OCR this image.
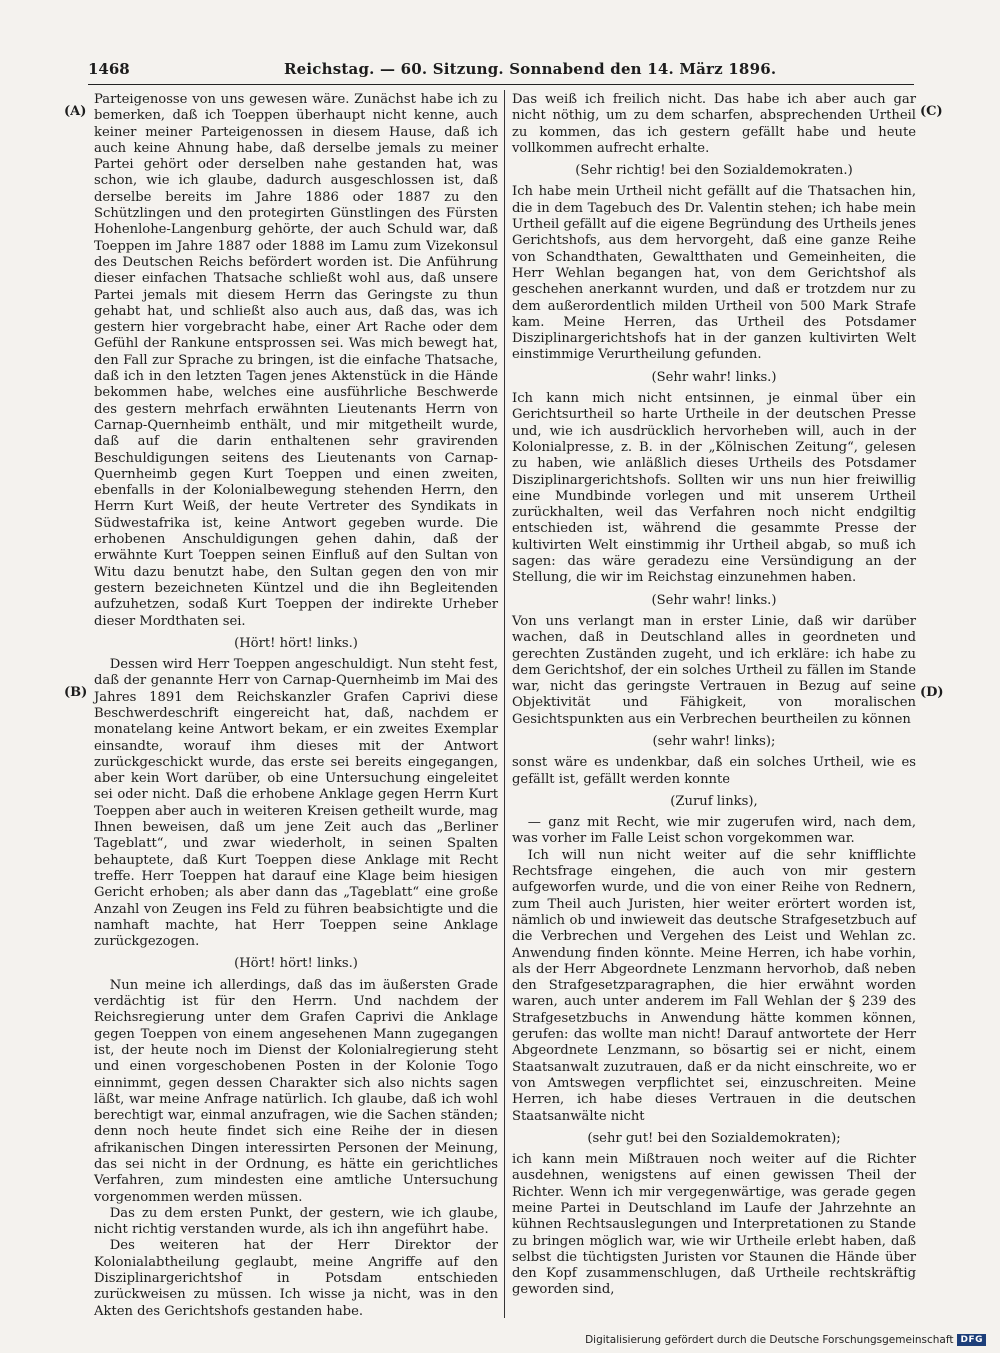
1468	Reichstag. — 60. Sitzung. Sonnabend den 14. März 1896.
(A)
(B)
(C)
(D)

Parteigenosse von uns gewesen wäre. Zunächst habe ich zu bemerken, daß ich Toeppen überhaupt nicht kenne, auch keiner meiner Parteigenossen in diesem Hause, daß ich auch keine Ahnung habe, daß derselbe jemals zu meiner Partei gehört oder derselben nahe gestanden hat, was schon, wie ich glaube, dadurch ausgeschlossen ist, daß derselbe bereits im Jahre 1886 oder 1887 zu den Schützlingen und den protegirten Günstlingen des Fürsten Hohenlohe-Langenburg gehörte, der auch Schuld war, daß Toeppen im Jahre 1887 oder 1888 im Lamu zum Vizekonsul des Deutschen Reichs befördert worden ist. Die Anführung dieser einfachen Thatsache schließt wohl aus, daß unsere Partei jemals mit diesem Herrn das Geringste zu thun gehabt hat, und schließt also auch aus, daß das, was ich gestern hier vorgebracht habe, einer Art Rache oder dem Gefühl der Rankune entsprossen sei. Was mich bewegt hat, den Fall zur Sprache zu bringen, ist die einfache Thatsache, daß ich in den letzten Tagen jenes Aktenstück in die Hände bekommen habe, welches eine ausführliche Beschwerde des gestern mehrfach erwähnten Lieutenants Herrn von Carnap-Quernheimb enthält, und mir mitgetheilt wurde, daß auf die darin enthaltenen sehr gravirenden Beschuldigungen seitens des Lieutenants von Carnap-Quernheimb gegen Kurt Toeppen und einen zweiten, ebenfalls in der Kolonialbewegung stehenden Herrn, den Herrn Kurt Weiß, der heute Vertreter des Syndikats in Südwestafrika ist, keine Antwort gegeben wurde. Die erhobenen Anschuldigungen gehen dahin, daß der erwähnte Kurt Toeppen seinen Einfluß auf den Sultan von Witu dazu benutzt habe, den Sultan gegen den von mir gestern bezeichneten Küntzel und die ihn Begleitenden aufzuhetzen, sodaß Kurt Toeppen der indirekte Urheber dieser Mordthaten sei.

(Hört! hört! links.)

Dessen wird Herr Toeppen angeschuldigt. Nun steht fest, daß der genannte Herr von Carnap-Quernheimb im Mai des Jahres 1891 dem Reichskanzler Grafen Caprivi diese Beschwerdeschrift eingereicht hat, daß, nachdem er monatelang keine Antwort bekam, er ein zweites Exemplar einsandte, worauf ihm dieses mit der Antwort zurückgeschickt wurde, das erste sei bereits eingegangen, aber kein Wort darüber, ob eine Untersuchung eingeleitet sei oder nicht. Daß die erhobene Anklage gegen Herrn Kurt Toeppen aber auch in weiteren Kreisen getheilt wurde, mag Ihnen beweisen, daß um jene Zeit auch das „Berliner Tageblatt“, und zwar wiederholt, in seinen Spalten behauptete, daß Kurt Toeppen diese Anklage mit Recht treffe. Herr Toeppen hat darauf eine Klage beim hiesigen Gericht erhoben; als aber dann das „Tageblatt“ eine große Anzahl von Zeugen ins Feld zu führen beabsichtigte und die namhaft machte, hat Herr Toeppen seine Anklage zurückgezogen.

(Hört! hört! links.)

Nun meine ich allerdings, daß das im äußersten Grade verdächtig ist für den Herrn. Und nachdem der Reichsregierung unter dem Grafen Caprivi die Anklage gegen Toeppen von einem angesehenen Mann zugegangen ist, der heute noch im Dienst der Kolonialregierung steht und einen vorgeschobenen Posten in der Kolonie Togo einnimmt, gegen dessen Charakter sich also nichts sagen läßt, war meine Anfrage natürlich. Ich glaube, daß ich wohl berechtigt war, einmal anzufragen, wie die Sachen ständen; denn noch heute findet sich eine Reihe der in diesen afrikanischen Dingen interessirten Personen der Meinung, das sei nicht in der Ordnung, es hätte ein gerichtliches Verfahren, zum mindesten eine amtliche Untersuchung vorgenommen werden müssen.

Das zu dem ersten Punkt, der gestern, wie ich glaube, nicht richtig verstanden wurde, als ich ihn angeführt habe.

Des weiteren hat der Herr Direktor der Kolonialabtheilung geglaubt, meine Angriffe auf den Disziplinargerichtshof in Potsdam entschieden zurückweisen zu müssen. Ich wisse ja nicht, was in den Akten des Gerichtshofs gestanden habe.

Das weiß ich freilich nicht. Das habe ich aber auch gar nicht nöthig, um zu dem scharfen, absprechenden Urtheil zu kommen, das ich gestern gefällt habe und heute vollkommen aufrecht erhalte.

(Sehr richtig! bei den Sozialdemokraten.)

Ich habe mein Urtheil nicht gefällt auf die Thatsachen hin, die in dem Tagebuch des Dr. Valentin stehen; ich habe mein Urtheil gefällt auf die eigene Begründung des Urtheils jenes Gerichtshofs, aus dem hervorgeht, daß eine ganze Reihe von Schandthaten, Gewaltthaten und Gemeinheiten, die Herr Wehlan begangen hat, von dem Gerichtshof als geschehen anerkannt wurden, und daß er trotzdem nur zu dem außerordentlich milden Urtheil von 500 Mark Strafe kam. Meine Herren, das Urtheil des Potsdamer Disziplinargerichtshofs hat in der ganzen kultivirten Welt einstimmige Verurtheilung gefunden.

(Sehr wahr! links.)

Ich kann mich nicht entsinnen, je einmal über ein Gerichtsurtheil so harte Urtheile in der deutschen Presse und, wie ich ausdrücklich hervorheben will, auch in der Kolonialpresse, z. B. in der „Kölnischen Zeitung“, gelesen zu haben, wie anläßlich dieses Urtheils des Potsdamer Disziplinargerichtshofs. Sollten wir uns nun hier freiwillig eine Mundbinde vorlegen und mit unserem Urtheil zurückhalten, weil das Verfahren noch nicht endgiltig entschieden ist, während die gesammte Presse der kultivirten Welt einstimmig ihr Urtheil abgab, so muß ich sagen: das wäre geradezu eine Versündigung an der Stellung, die wir im Reichstag einzunehmen haben.

(Sehr wahr! links.)

Von uns verlangt man in erster Linie, daß wir darüber wachen, daß in Deutschland alles in geordneten und gerechten Zuständen zugeht, und ich erkläre: ich habe zu dem Gerichtshof, der ein solches Urtheil zu fällen im Stande war, nicht das geringste Vertrauen in Bezug auf seine Objektivität und Fähigkeit, von moralischen Gesichtspunkten aus ein Verbrechen beurtheilen zu können

(sehr wahr! links);

sonst wäre es undenkbar, daß ein solches Urtheil, wie es gefällt ist, gefällt werden konnte

(Zuruf links),

— ganz mit Recht, wie mir zugerufen wird, nach dem, was vorher im Falle Leist schon vorgekommen war.

Ich will nun nicht weiter auf die sehr knifflichte Rechtsfrage eingehen, die auch von mir gestern aufgeworfen wurde, und die von einer Reihe von Rednern, zum Theil auch Juristen, hier weiter erörtert worden ist, nämlich ob und inwieweit das deutsche Strafgesetzbuch auf die Verbrechen und Vergehen des Leist und Wehlan zc. Anwendung finden könnte. Meine Herren, ich habe vorhin, als der Herr Abgeordnete Lenzmann hervorhob, daß neben den Strafgesetzparagraphen, die hier erwähnt worden waren, auch unter anderem im Fall Wehlan der § 239 des Strafgesetzbuchs in Anwendung hätte kommen können, gerufen: das wollte man nicht! Darauf antwortete der Herr Abgeordnete Lenzmann, so bösartig sei er nicht, einem Staatsanwalt zuzutrauen, daß er da nicht einschreite, wo er von Amtswegen verpflichtet sei, einzuschreiten. Meine Herren, ich habe dieses Vertrauen in die deutschen Staatsanwälte nicht

(sehr gut! bei den Sozialdemokraten);

ich kann mein Mißtrauen noch weiter auf die Richter ausdehnen, wenigstens auf einen gewissen Theil der Richter. Wenn ich mir vergegenwärtige, was gerade gegen meine Partei in Deutschland im Laufe der Jahrzehnte an kühnen Rechtsauslegungen und Interpretationen zu Stande zu bringen möglich war, wie wir Urtheile erlebt haben, daß selbst die tüchtigsten Juristen vor Staunen die Hände über den Kopf zusammenschlugen, daß Urtheile rechtskräftig geworden sind,

Digitalisierung gefördert durch die Deutsche Forschungsgemeinschaft DFG
